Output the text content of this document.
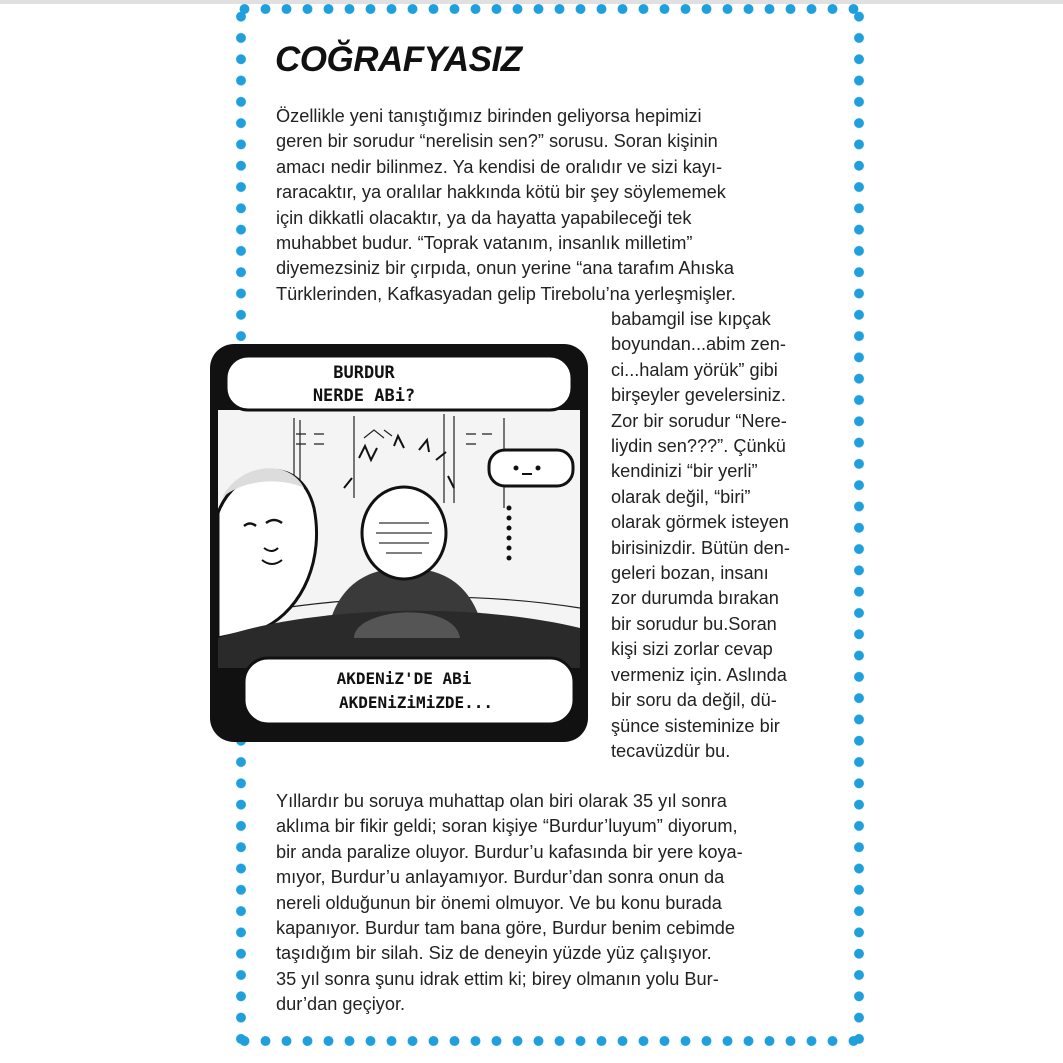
COĞRAFYASIZ
Özellikle yeni tanıştığımız birinden geliyorsa hepimizi
geren bir sorudur “nerelisin sen?” sorusu. Soran kişinin
amacı nedir bilinmez. Ya kendisi de oralıdır ve sizi kayı-
raracaktır, ya oralılar hakkında kötü bir şey söylememek
için dikkatli olacaktır, ya da hayatta yapabileceği tek
muhabbet budur. “Toprak vatanım, insanlık milletim”
diyemezsiniz bir çırpıda, onun yerine “ana tarafım Ahıska
Türklerinden, Kafkasyadan gelip Tirebolu’na yerleşmişler.
babamgil ise kıpçak
boyundan...abim zen-
ci...halam yörük” gibi
birşeyler gevelersiniz.
Zor bir sorudur “Nere-
liydin sen???”. Çünkü
kendinizi “bir yerli”
olarak değil, “biri”
olarak görmek isteyen
birisinizdir. Bütün den-
geleri bozan, insanı
zor durumda bırakan
bir sorudur bu.Soran
kişi sizi zorlar cevap
vermeniz için. Aslında
bir soru da değil, dü-
şünce sisteminize bir
tecavüzdür bu.
BURDUR
NERDE ABi?
AKDENiZ'DE ABi
AKDENiZiMiZDE...
Yıllardır bu soruya muhattap olan biri olarak 35 yıl sonra
aklıma bir fikir geldi; soran kişiye “Burdur’luyum” diyorum,
bir anda paralize oluyor. Burdur’u kafasında bir yere koya-
mıyor, Burdur’u anlayamıyor. Burdur’dan sonra onun da
nereli olduğunun bir önemi olmuyor. Ve bu konu burada
kapanıyor. Burdur tam bana göre, Burdur benim cebimde
taşıdığım bir silah. Siz de deneyin yüzde yüz çalışıyor.
35 yıl sonra şunu idrak ettim ki; birey olmanın yolu Bur-
dur’dan geçiyor.
